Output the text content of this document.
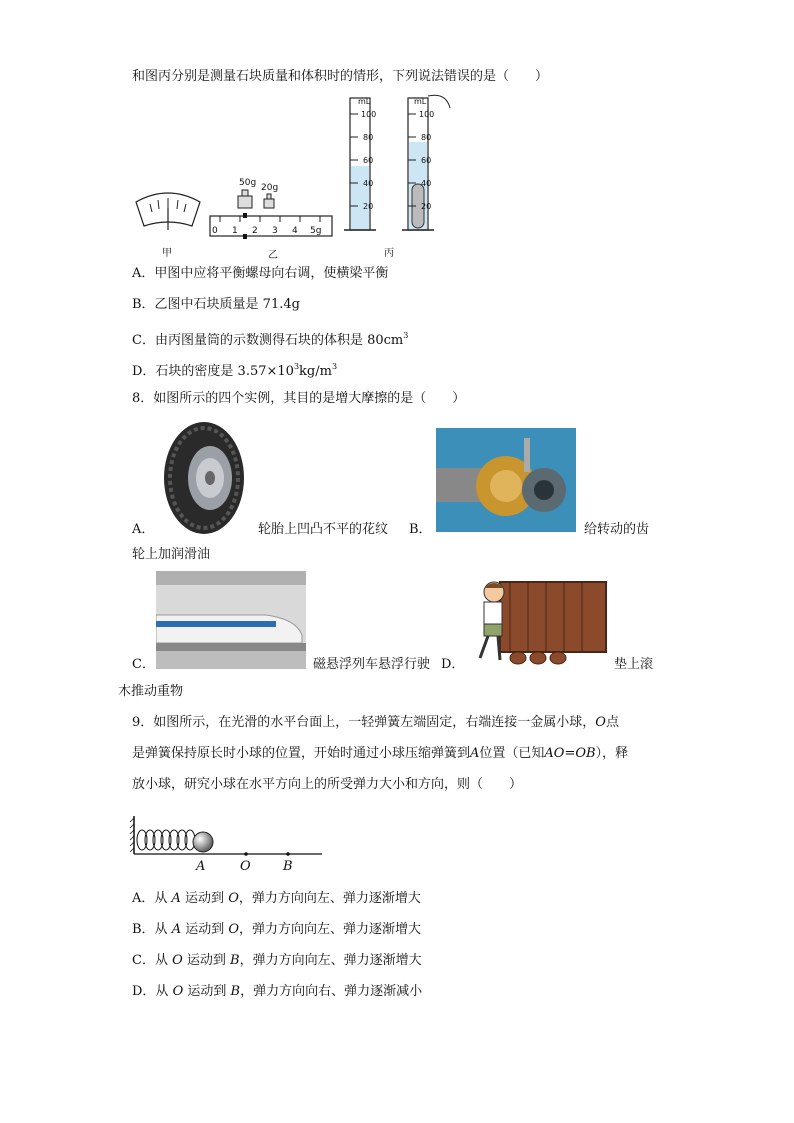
和图丙分别是测量石块质量和体积时的情形，下列说法错误的是（　　）
甲	乙	丙
50g 20g
0 1 2 3 4 5g
mL
100
80
60
40
20
mL
100
80
60
40
20
A．甲图中应将平衡螺母向右调，使横梁平衡
B．乙图中石块质量是 71.4g
C．由丙图量筒的示数测得石块的体积是 $80cm^3$
D．石块的密度是 $3.57\times 10^3kg/m^3$
8．如图所示的四个实例，其目的是增大摩擦的是（　　）
A．	轮胎上凹凸不平的花纹 B．	给转动的齿
轮上加润滑油
C．	磁悬浮列车悬浮行驶 D．	垫上滚
木推动重物
9．如图所示，在光滑的水平台面上，一轻弹簧左端固定，右端连接一金属小球，O点
是弹簧保持原长时小球的位置，开始时通过小球压缩弹簧到A位置（已知AO=OB），释
放小球，研究小球在水平方向上的所受弹力大小和方向，则（　　）
A	O B
A．从 A 运动到 O，弹力方向向左、弹力逐渐增大
B．从 A 运动到 O，弹力方向向左、弹力逐渐增大
C．从 O 运动到 B，弹力方向向左、弹力逐渐增大
D．从 O 运动到 B，弹力方向向右、弹力逐渐减小
